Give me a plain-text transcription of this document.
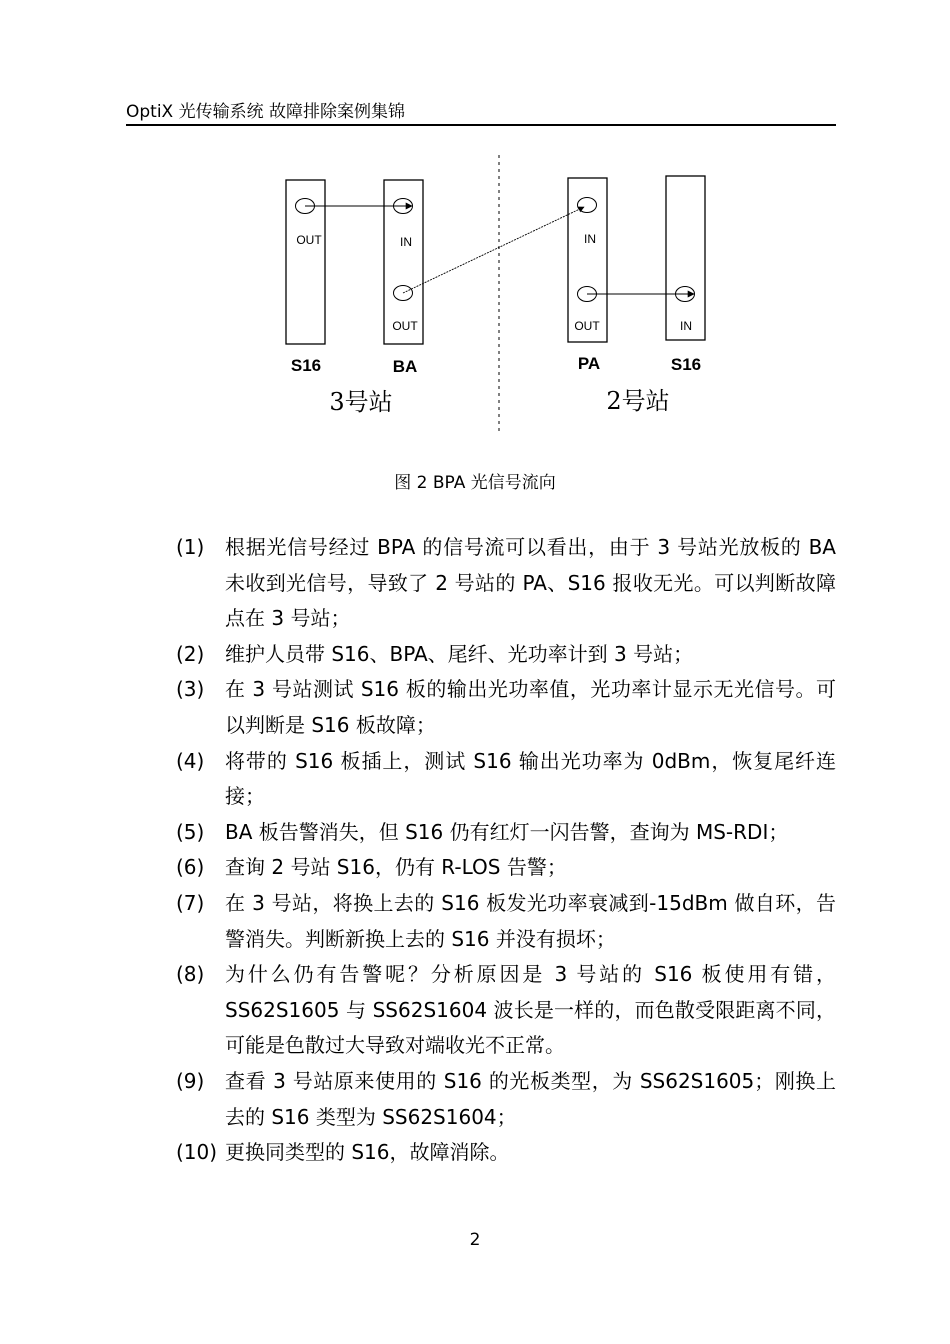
OptiX 光传输系统 故障排除案例集锦
OUT	IN
OUT
IN
OUT	IN
S16	BA	PA	S16
3号站	2号站
图 2 BPA 光信号流向
(1)	根据光信号经过 BPA 的信号流可以看出，由于 3 号站光放板的 BA 未收到光信号，导致了 2 号站的 PA、S16 报收无光。可以判断故障点在 3 号站；
(2)	维护人员带 S16、BPA、尾纤、光功率计到 3 号站；
(3)	在 3 号站测试 S16 板的输出光功率值，光功率计显示无光信号。可以判断是 S16 板故障；
(4)	将带的 S16 板插上，测试 S16 输出光功率为 0dBm，恢复尾纤连接；
(5)	BA 板告警消失，但 S16 仍有红灯一闪告警，查询为 MS-RDI；
(6)	查询 2 号站 S16，仍有 R-LOS 告警；
(7)	在 3 号站，将换上去的 S16 板发光功率衰减到-15dBm 做自环，告警消失。判断新换上去的 S16 并没有损坏；
(8)	为什么仍有告警呢？分析原因是 3 号站的 S16 板使用有错，SS62S1605 与 SS62S1604 波长是一样的，而色散受限距离不同，可能是色散过大导致对端收光不正常。
(9)	查看 3 号站原来使用的 S16 的光板类型，为 SS62S1605；刚换上去的 S16 类型为 SS62S1604；
(10) 更换同类型的 S16，故障消除。
2
